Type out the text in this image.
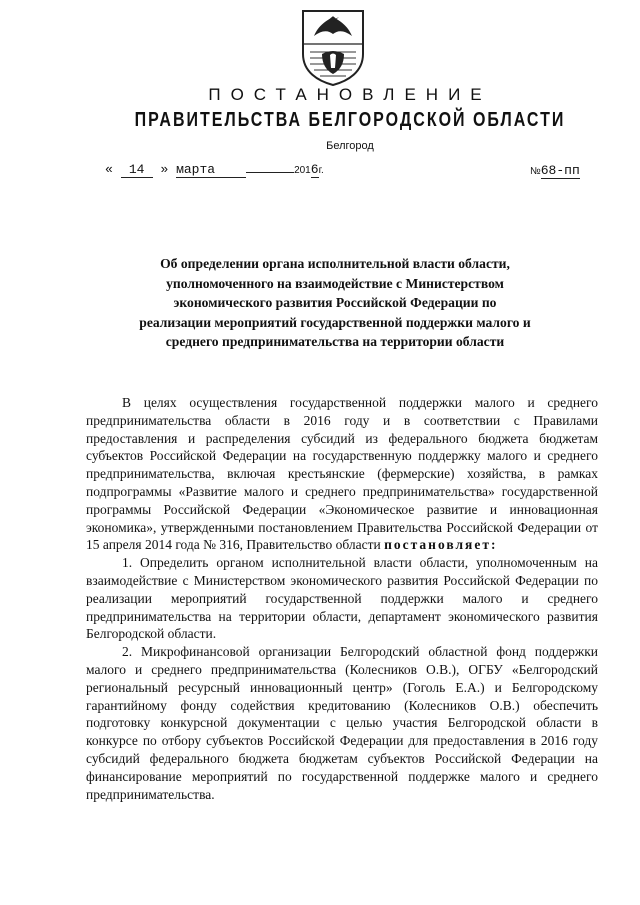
ПОСТАНОВЛЕНИЕ
ПРАВИТЕЛЬСТВА БЕЛГОРОДСКОЙ ОБЛАСТИ
Белгород
« 14 » марта	2016г.	№68-пп
Об определении органа исполнительной власти области,
уполномоченного на взаимодействие с Министерством
экономического развития Российской Федерации по
реализации мероприятий государственной поддержки малого и
среднего предпринимательства на территории области

В целях осуществления государственной поддержки малого и среднего предпринимательства области в 2016 году и в соответствии с Правилами предоставления и распределения субсидий из федерального бюджета бюджетам субъектов Российской Федерации на государственную поддержку малого и среднего предпринимательства, включая крестьянские (фермерские) хозяйства, в рамках подпрограммы «Развитие малого и среднего предпринимательства» государственной программы Российской Федерации «Экономическое развитие и инновационная экономика», утвержденными постановлением Правительства Российской Федерации от 15 апреля 2014 года № 316, Правительство области постановляет:

1. Определить органом исполнительной власти области, уполномоченным на взаимодействие с Министерством экономического развития Российской Федерации по реализации мероприятий государственной поддержки малого и среднего предпринимательства на территории области, департамент экономического развития Белгородской области.

2. Микрофинансовой организации Белгородский областной фонд поддержки малого и среднего предпринимательства (Колесников О.В.), ОГБУ «Белгородский региональный ресурсный инновационный центр» (Гоголь Е.А.) и Белгородскому гарантийному фонду содействия кредитованию (Колесников О.В.) обеспечить подготовку конкурсной документации с целью участия Белгородской области в конкурсе по отбору субъектов Российской Федерации для предоставления в 2016 году субсидий федерального бюджета бюджетам субъектов Российской Федерации на финансирование мероприятий по государственной поддержке малого и среднего предпринимательства.
